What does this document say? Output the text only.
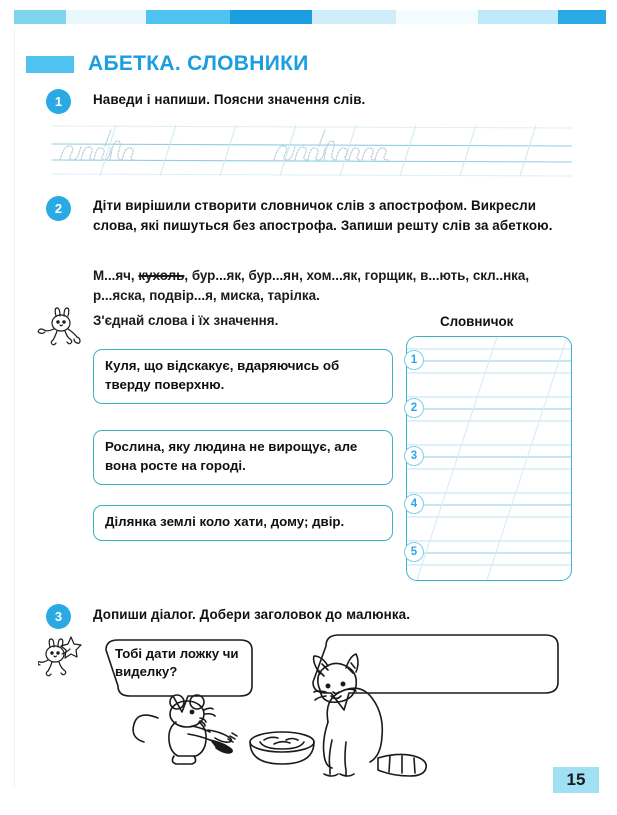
АБЕТКА. СЛОВНИКИ
1	Наведи і напиши. Поясни значення слів.
2	Діти вирішили створити словничок слів з апострофом. Викресли слова, які пишуться без апострофа. Запиши решту слів за абеткою.
М...яч, кухоль, бур...як, бур...ян, хом...як, горщик, в...ють, скл..нка, р...яска, подвір...я, миска, тарілка.
З'єднай слова і їх значення.
Куля, що відскакує, вдаряючись об тверду поверхню.
Рослина, яку людина не вирощує, але вона росте на городі.
Ділянка землі коло хати, дому; двір.
Словничок
1
2
3
4
5
3	Допиши діалог. Добери заголовок до малюнка.
Тобі дати ложку чи виделку?
15
